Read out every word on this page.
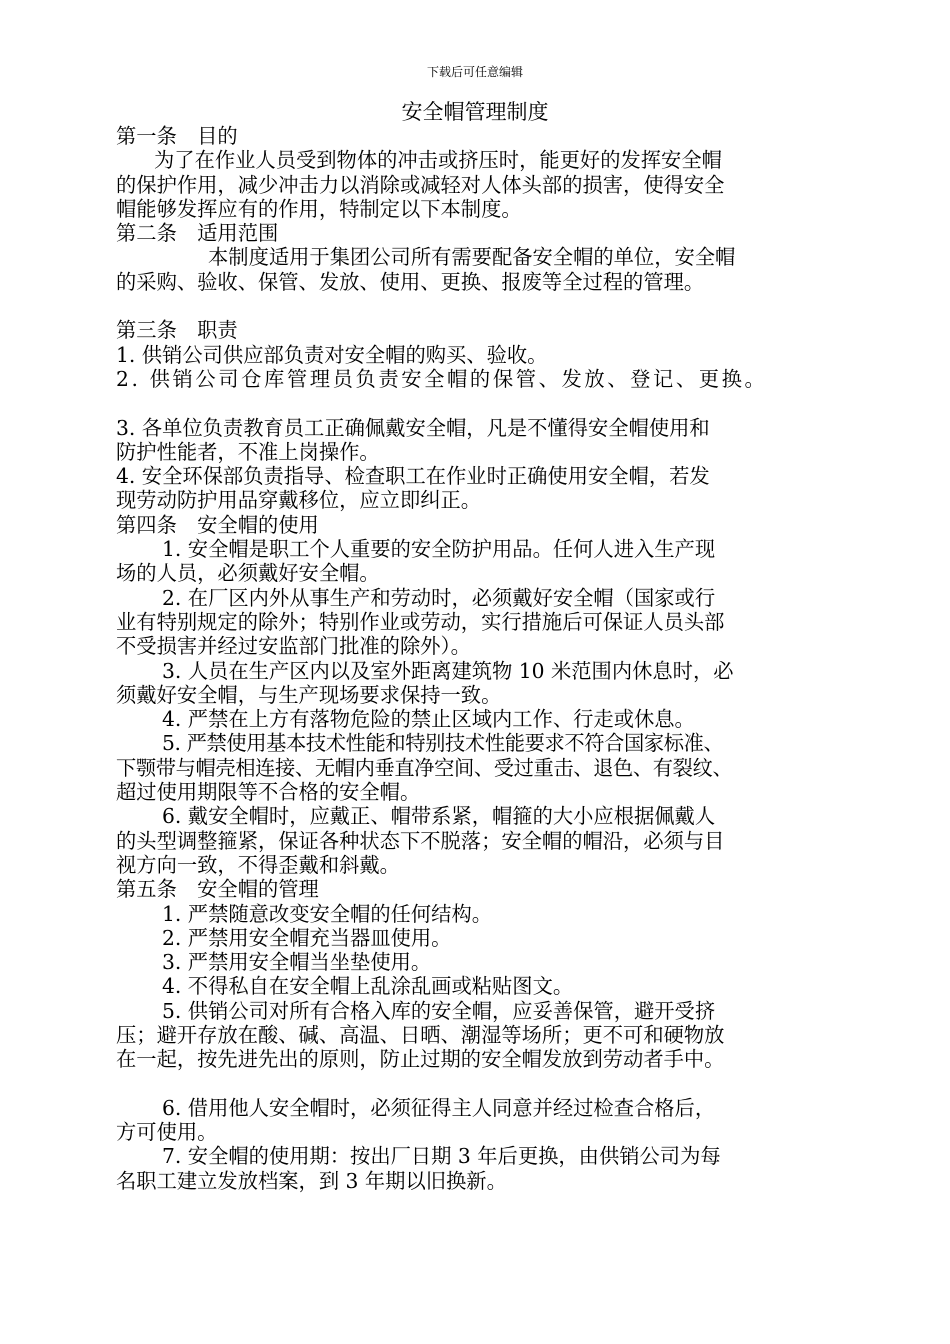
下载后可任意编辑
安全帽管理制度
第一条　目的
为了在作业人员受到物体的冲击或挤压时，能更好的发挥安全帽
的保护作用，减少冲击力以消除或减轻对人体头部的损害，使得安全
帽能够发挥应有的作用，特制定以下本制度。
第二条　适用范围
本制度适用于集团公司所有需要配备安全帽的单位，安全帽
的采购、验收、保管、发放、使用、更换、报废等全过程的管理。
第三条　职责
1. 供销公司供应部负责对安全帽的购买、验收。
2. 供销公司仓库管理员负责安全帽的保管、发放、登记、更换。
3. 各单位负责教育员工正确佩戴安全帽，凡是不懂得安全帽使用和
防护性能者，不准上岗操作。
4. 安全环保部负责指导、检查职工在作业时正确使用安全帽，若发
现劳动防护用品穿戴移位，应立即纠正。
第四条　安全帽的使用
1. 安全帽是职工个人重要的安全防护用品。任何人进入生产现
场的人员，必须戴好安全帽。
2. 在厂区内外从事生产和劳动时，必须戴好安全帽（国家或行
业有特别规定的除外；特别作业或劳动，实行措施后可保证人员头部
不受损害并经过安监部门批准的除外）。
3. 人员在生产区内以及室外距离建筑物 10 米范围内休息时，必
须戴好安全帽，与生产现场要求保持一致。
4. 严禁在上方有落物危险的禁止区域内工作、行走或休息。
5. 严禁使用基本技术性能和特别技术性能要求不符合国家标准、
下颚带与帽壳相连接、无帽内垂直净空间、受过重击、退色、有裂纹、
超过使用期限等不合格的安全帽。
6. 戴安全帽时，应戴正、帽带系紧，帽箍的大小应根据佩戴人
的头型调整箍紧，保证各种状态下不脱落；安全帽的帽沿，必须与目
视方向一致，不得歪戴和斜戴。
第五条　安全帽的管理
1. 严禁随意改变安全帽的任何结构。
2. 严禁用安全帽充当器皿使用。
3. 严禁用安全帽当坐垫使用。
4. 不得私自在安全帽上乱涂乱画或粘贴图文。
5. 供销公司对所有合格入库的安全帽，应妥善保管，避开受挤
压；避开存放在酸、碱、高温、日晒、潮湿等场所；更不可和硬物放
在一起，按先进先出的原则，防止过期的安全帽发放到劳动者手中。
6. 借用他人安全帽时，必须征得主人同意并经过检查合格后，
方可使用。
7. 安全帽的使用期：按出厂日期 3 年后更换，由供销公司为每
名职工建立发放档案，到 3 年期以旧换新。
